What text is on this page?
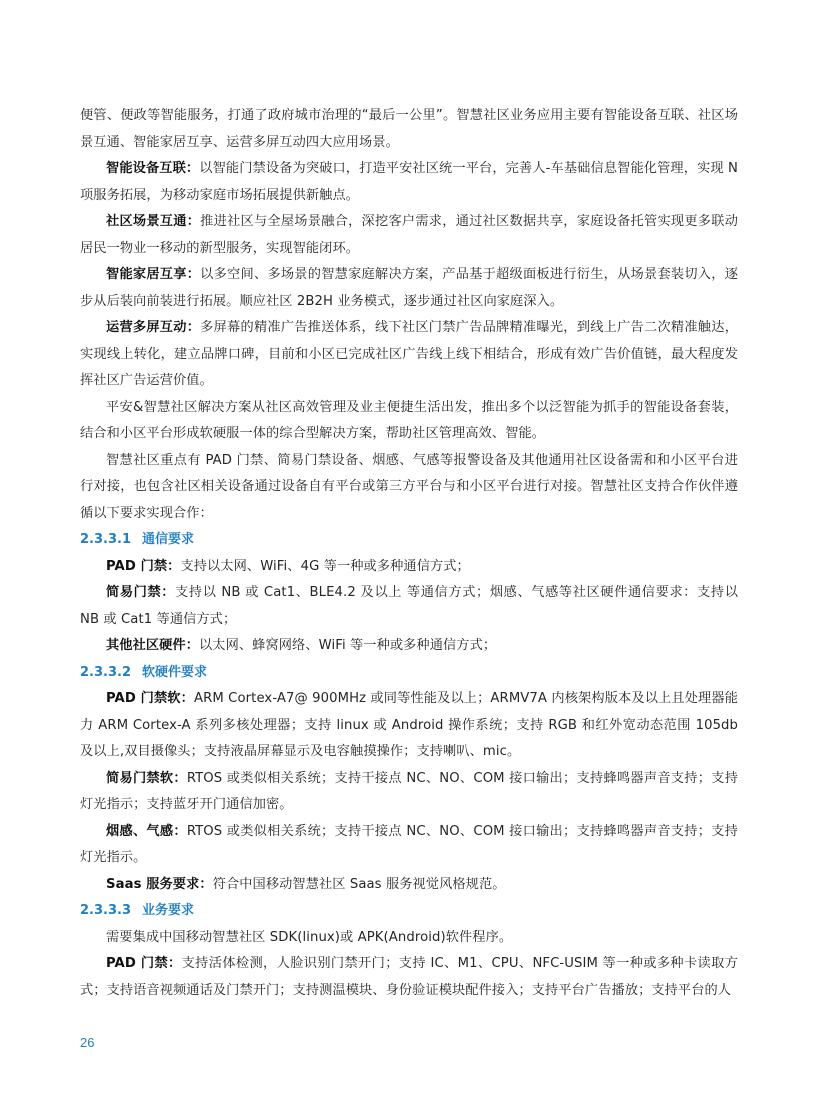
便管、便政等智能服务，打通了政府城市治理的“最后一公里”。智慧社区业务应用主要有智能设备互联、社区场景互通、智能家居互享、运营多屏互动四大应用场景。

智能设备互联：以智能门禁设备为突破口，打造平安社区统一平台，完善人-车基础信息智能化管理，实现 N 项服务拓展，为移动家庭市场拓展提供新触点。

社区场景互通：推进社区与全屋场景融合，深挖客户需求，通过社区数据共享，家庭设备托管实现更多联动居民一物业一移动的新型服务，实现智能闭环。

智能家居互享：以多空间、多场景的智慧家庭解决方案，产品基于超级面板进行衍生，从场景套装切入，逐步从后装向前装进行拓展。顺应社区 2B2H 业务模式，逐步通过社区向家庭深入。

运营多屏互动：多屏幕的精准广告推送体系，线下社区门禁广告品牌精准曝光，到线上广告二次精准触达，实现线上转化，建立品牌口碑，目前和小区已完成社区广告线上线下相结合，形成有效广告价值链，最大程度发挥社区广告运营价值。

平安&智慧社区解决方案从社区高效管理及业主便捷生活出发，推出多个以泛智能为抓手的智能设备套装，结合和小区平台形成软硬服一体的综合型解决方案，帮助社区管理高效、智能。

智慧社区重点有 PAD 门禁、简易门禁设备、烟感、气感等报警设备及其他通用社区设备需和和小区平台进行对接，也包含社区相关设备通过设备自有平台或第三方平台与和小区平台进行对接。智慧社区支持合作伙伴遵循以下要求实现合作：

2.3.3.1 通信要求

PAD 门禁：支持以太网、WiFi、4G 等一种或多种通信方式；

简易门禁：支持以 NB 或 Cat1、BLE4.2 及以上 等通信方式；烟感、气感等社区硬件通信要求：支持以 NB 或 Cat1 等通信方式；

其他社区硬件：以太网、蜂窝网络、WiFi 等一种或多种通信方式；

2.3.3.2 软硬件要求

PAD 门禁软：ARM Cortex-A7@ 900MHz 或同等性能及以上；ARMV7A 内核架构版本及以上且处理器能力 ARM Cortex-A 系列多核处理器；支持 linux 或 Android 操作系统；支持 RGB 和红外宽动态范围 105db 及以上,双目摄像头；支持液晶屏幕显示及电容触摸操作；支持喇叭、mic。

简易门禁软：RTOS 或类似相关系统；支持干接点 NC、NO、COM 接口输出；支持蜂鸣器声音支持；支持灯光指示；支持蓝牙开门通信加密。

烟感、气感：RTOS 或类似相关系统；支持干接点 NC、NO、COM 接口输出；支持蜂鸣器声音支持；支持灯光指示。

Saas 服务要求：符合中国移动智慧社区 Saas 服务视觉风格规范。

2.3.3.3 业务要求

需要集成中国移动智慧社区 SDK(linux)或 APK(Android)软件程序。

PAD 门禁：支持活体检测，人脸识别门禁开门；支持 IC、M1、CPU、NFC-USIM 等一种或多种卡读取方式；支持语音视频通话及门禁开门；支持测温模块、身份验证模块配件接入；支持平台广告播放；支持平台的人

26
